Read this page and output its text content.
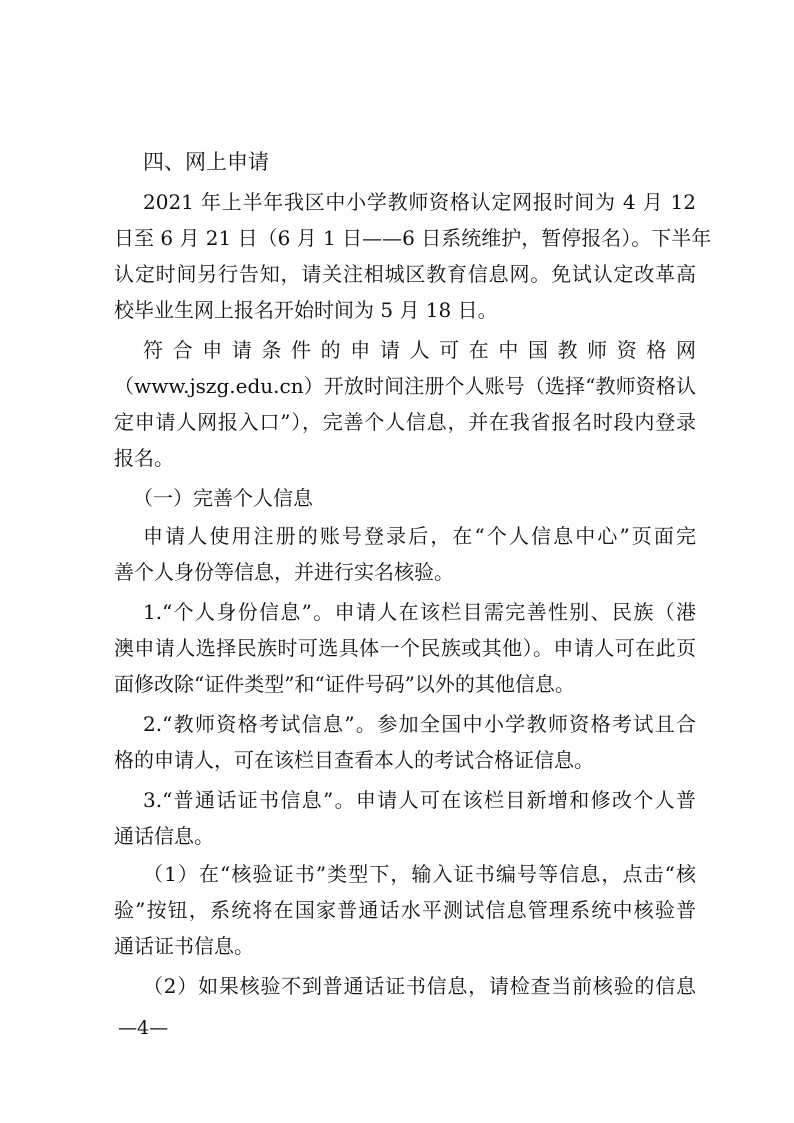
四、网上申请
2021 年上半年我区中小学教师资格认定网报时间为 4 月 12
日至 6 月 21 日（6 月 1 日——6 日系统维护，暂停报名）。下半年
认定时间另行告知，请关注相城区教育信息网。免试认定改革高
校毕业生网上报名开始时间为 5 月 18 日。
符合申请条件的申请人可在中国教师资格网
（www.jszg.edu.cn）开放时间注册个人账号（选择“教师资格认
定申请人网报入口”），完善个人信息，并在我省报名时段内登录
报名。
（一）完善个人信息
申请人使用注册的账号登录后，在“个人信息中心”页面完
善个人身份等信息，并进行实名核验。
1.“个人身份信息”。申请人在该栏目需完善性别、民族（港
澳申请人选择民族时可选具体一个民族或其他）。申请人可在此页
面修改除“证件类型”和“证件号码”以外的其他信息。
2.“教师资格考试信息”。参加全国中小学教师资格考试且合
格的申请人，可在该栏目查看本人的考试合格证信息。
3.“普通话证书信息”。申请人可在该栏目新增和修改个人普
通话信息。
（1）在“核验证书”类型下，输入证书编号等信息，点击“核
验”按钮，系统将在国家普通话水平测试信息管理系统中核验普
通话证书信息。
（2）如果核验不到普通话证书信息，请检查当前核验的信息
—4—
